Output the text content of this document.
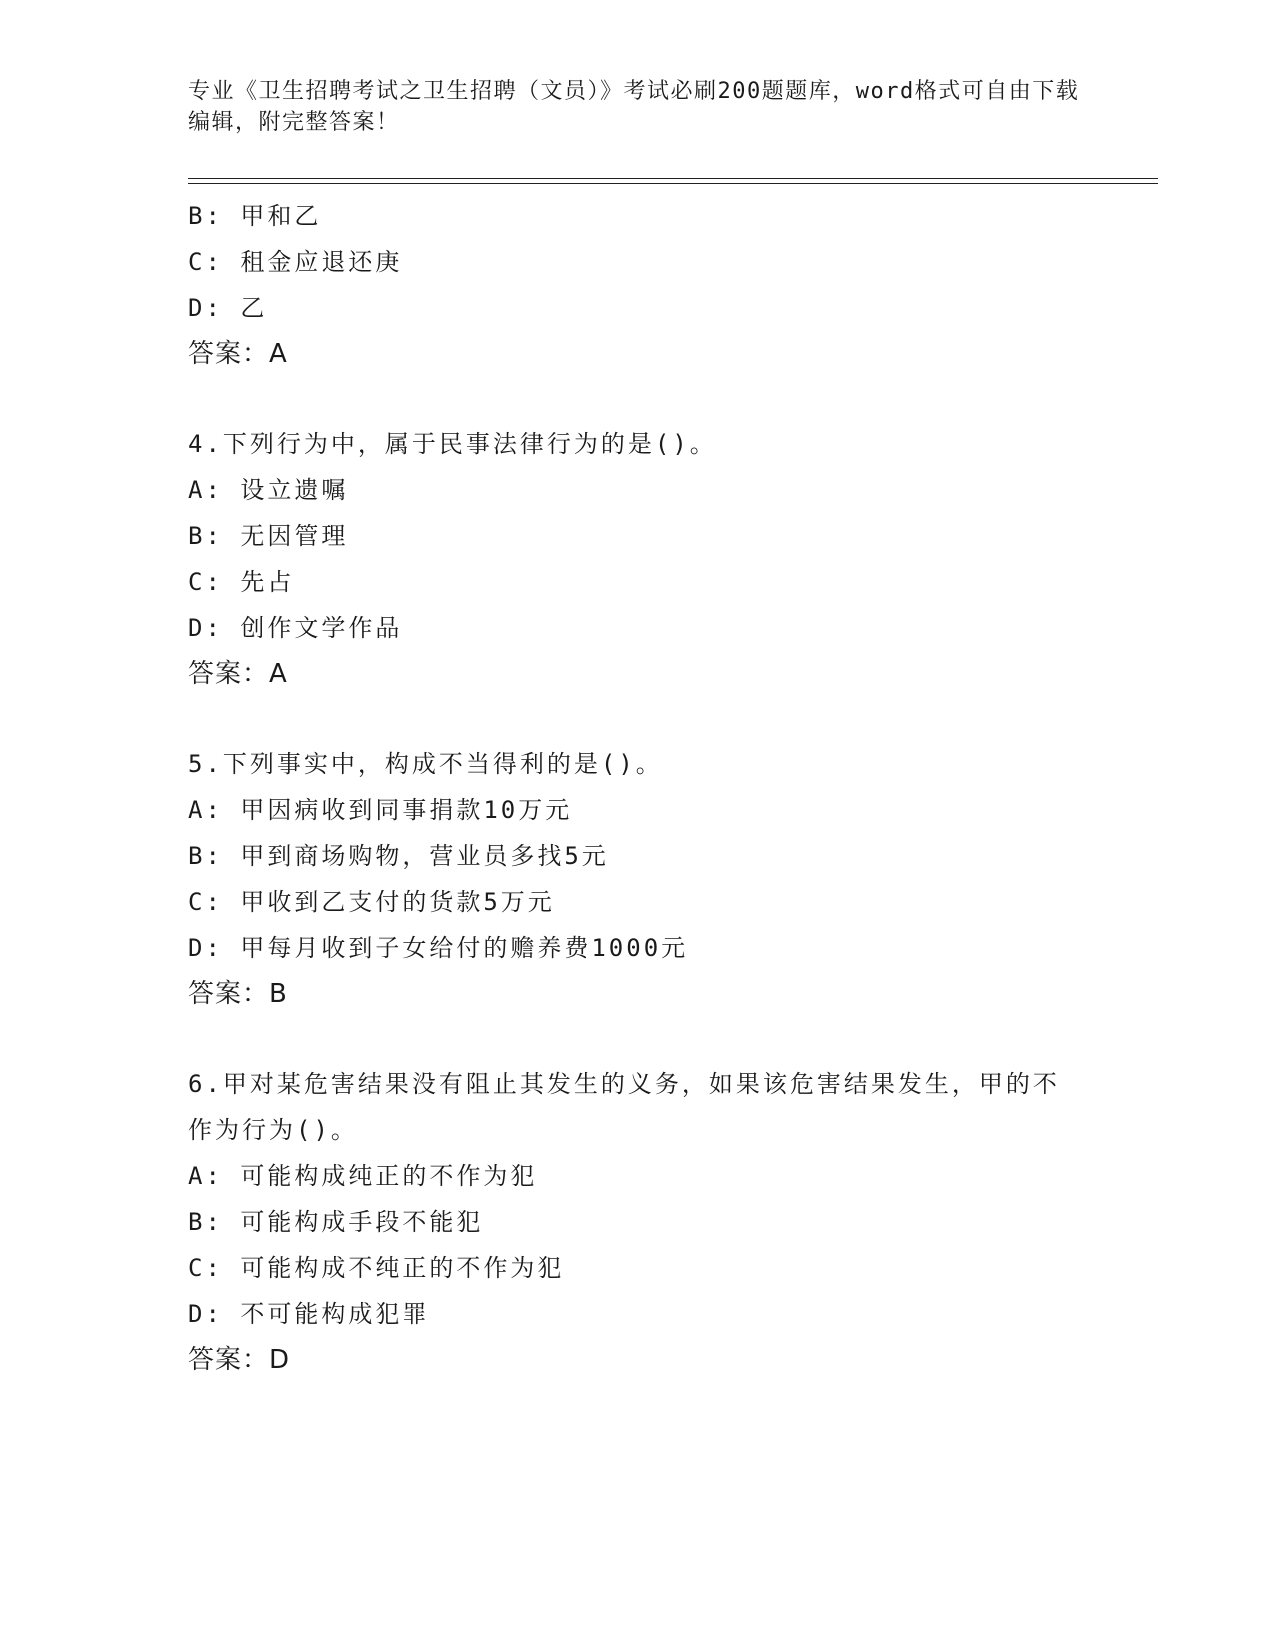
专业《卫生招聘考试之卫生招聘（文员）》考试必刷200题题库，word格式可自由下载编辑，附完整答案！
B: 甲和乙
C: 租金应退还庚
D: 乙
答案：A
4.下列行为中，属于民事法律行为的是()。
A: 设立遗嘱
B: 无因管理
C: 先占
D: 创作文学作品
答案：A
5.下列事实中，构成不当得利的是()。
A: 甲因病收到同事捐款10万元
B: 甲到商场购物，营业员多找5元
C: 甲收到乙支付的货款5万元
D: 甲每月收到子女给付的赡养费1000元
答案：B
6.甲对某危害结果没有阻止其发生的义务，如果该危害结果发生，甲的不作为行为()。
A: 可能构成纯正的不作为犯
B: 可能构成手段不能犯
C: 可能构成不纯正的不作为犯
D: 不可能构成犯罪
答案：D
